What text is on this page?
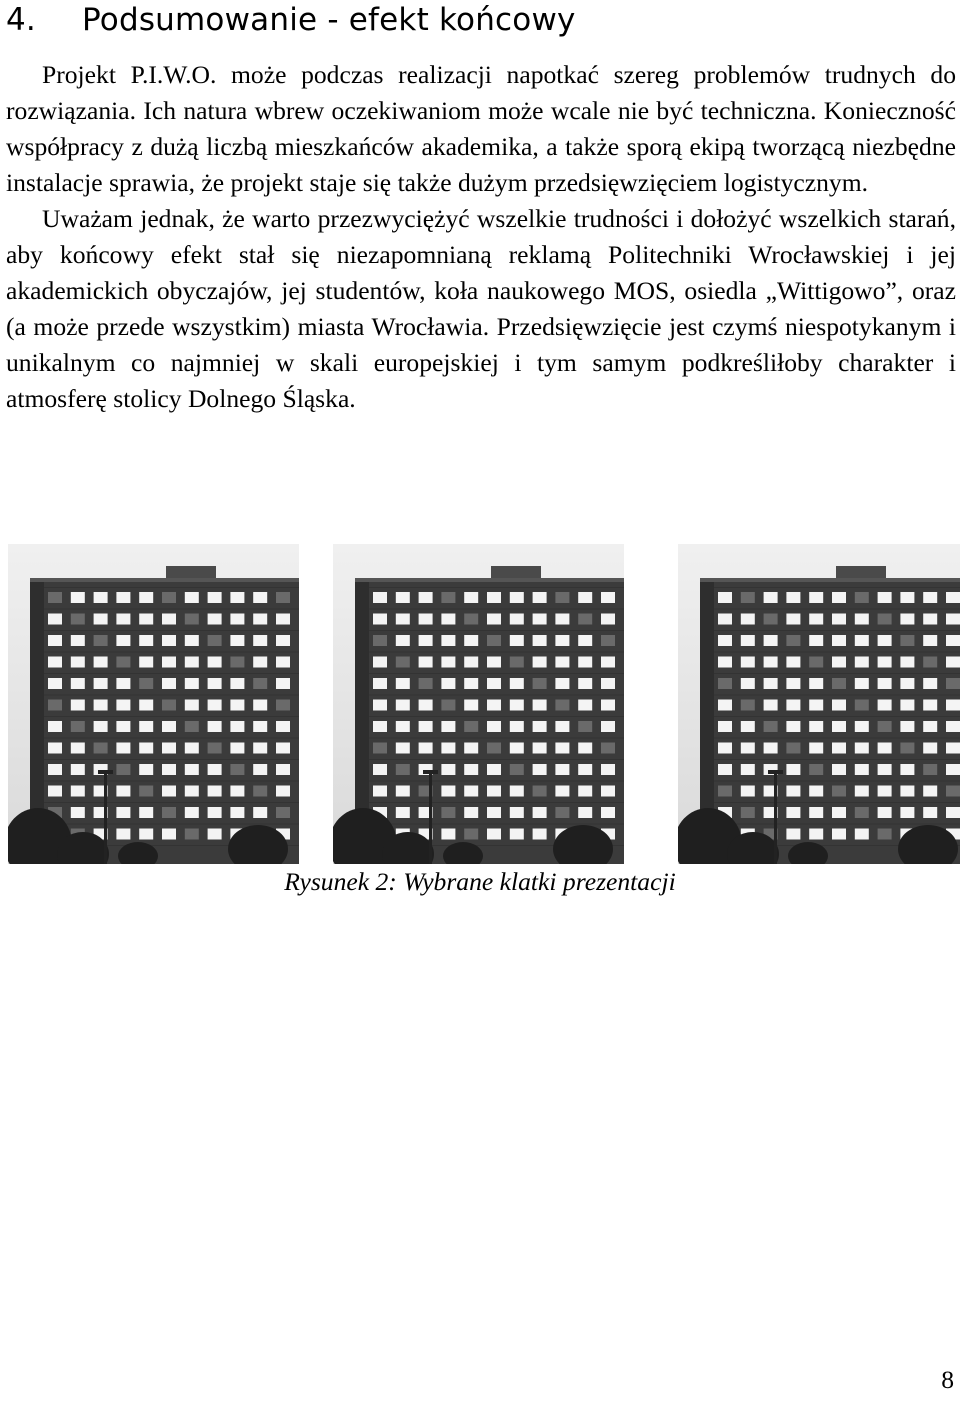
4. Podsumowanie - efekt końcowy

Projekt P.I.W.O. może podczas realizacji napotkać szereg problemów trudnych do rozwiązania. Ich natura wbrew oczekiwaniom może wcale nie być techniczna. Konieczność współpracy z dużą liczbą mieszkańców akademika, a także sporą ekipą tworzącą niezbędne instalacje sprawia, że projekt staje się także dużym przedsięwzięciem logistycznym.

Uważam jednak, że warto przezwyciężyć wszelkie trudności i dołożyć wszelkich starań, aby końcowy efekt stał się niezapomnianą reklamą Politechniki Wrocławskiej i jej akademickich obyczajów, jej studentów, koła naukowego MOS, osiedla „Wittigowo”, oraz (a może przede wszystkim) miasta Wrocławia. Przedsięwzięcie jest czymś niespotykanym i unikalnym co najmniej w skali europejskiej i tym samym podkreśliłoby charakter i atmosferę stolicy Dolnego Śląska.

Rysunek 2: Wybrane klatki prezentacji
8
